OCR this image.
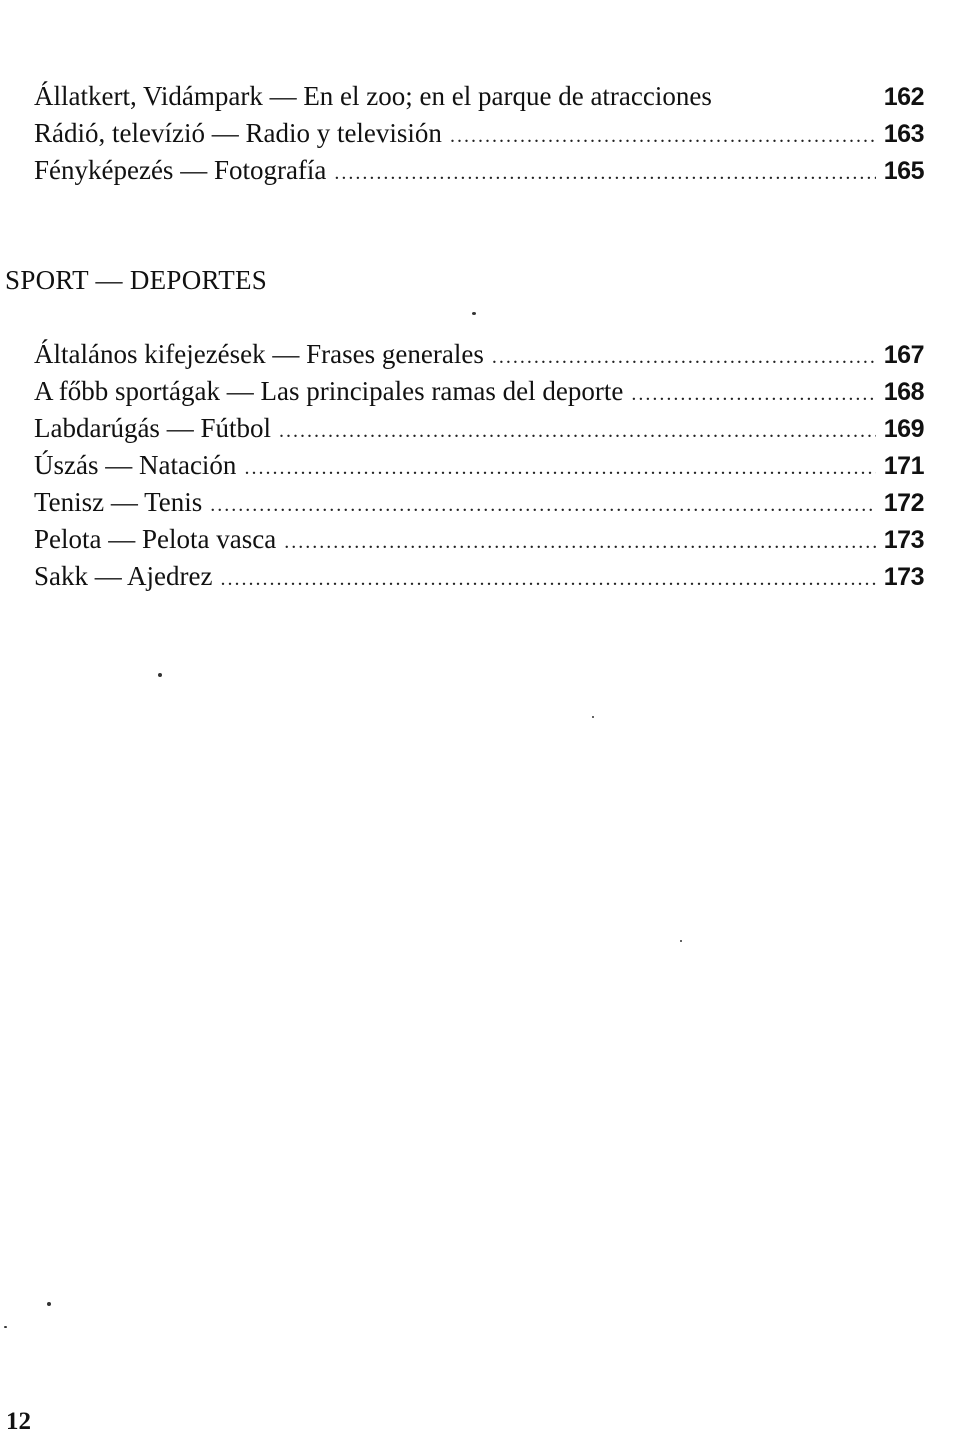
Állatkert, Vidámpark — En el zoo; en el parque de atracciones	162
Rádió, televízió — Radio y televisión .....	163
Fényképezés — Fotografía .....	165
SPORT — DEPORTES
Általános kifejezések — Frases generales .....	167
A főbb sportágak — Las principales ramas del deporte .....	168
Labdarúgás — Fútbol .....	169
Úszás — Natación .....	171
Tenisz — Tenis .....	172
Pelota — Pelota vasca .....	173
Sakk — Ajedrez .....	173
12
